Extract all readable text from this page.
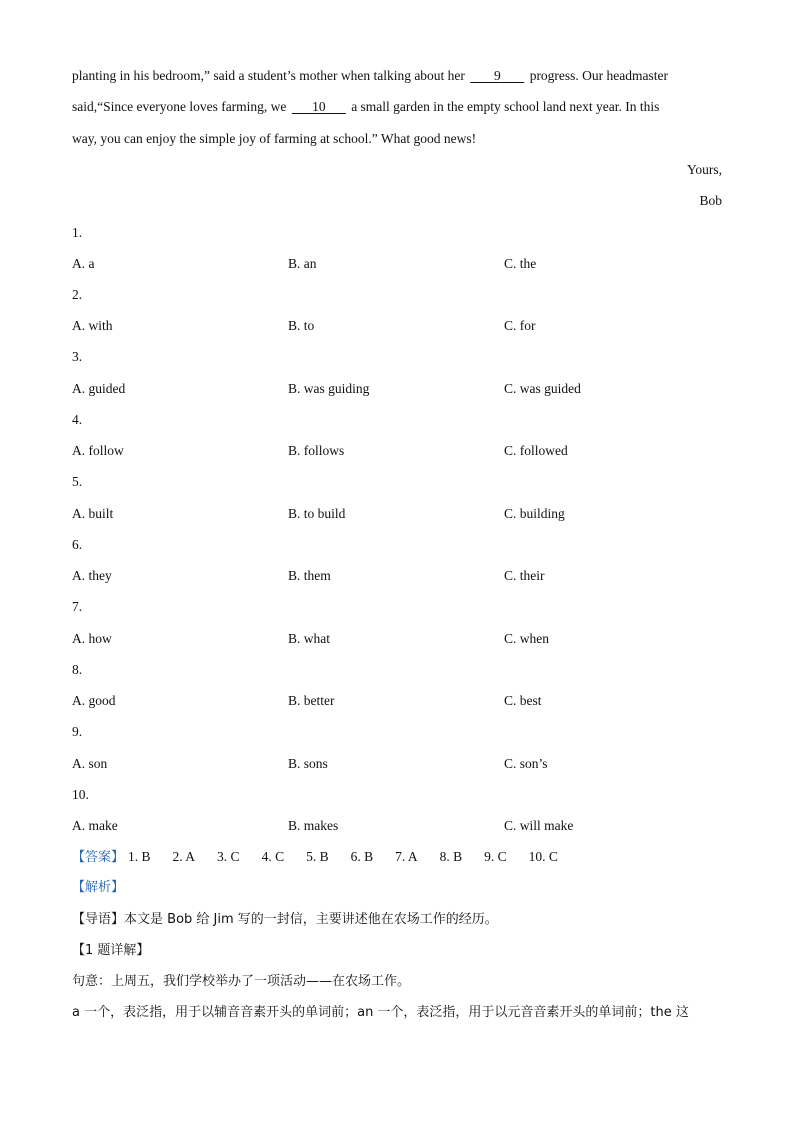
planting in his bedroom,” said a student’s mother when talking about her        9        progress. Our headmaster
said,“Since everyone loves farming, we       10       a small garden in the empty school land next year. In this
way, you can enjoy the simple joy of farming at school.” What good news!
Yours,
Bob
1.
A. a	B. an	C. the
2.
A. with	B. to	C. for
3.
A. guided	B. was guiding	C. was guided
4.
A. follow	B. follows	C. followed
5.
A. built	B. to build	C. building
6.
A. they	B. them	C. their
7.
A. how	B. what	C. when
8.
A. good	B. better	C. best
9.
A. son	B. sons	C. son’s
10.
A. make	B. makes	C. will make
【答案】 1. B 2. A 3. C 4. C 5. B 6. B 7. A 8. B 9. C 10. C
【解析】
【导语】本文是 Bob 给 Jim 写的一封信，主要讲述他在农场工作的经历。
【1 题详解】
句意：上周五，我们学校举办了一项活动——在农场工作。
a 一个，表泛指，用于以辅音音素开头的单词前；an 一个，表泛指，用于以元音音素开头的单词前；the 这
